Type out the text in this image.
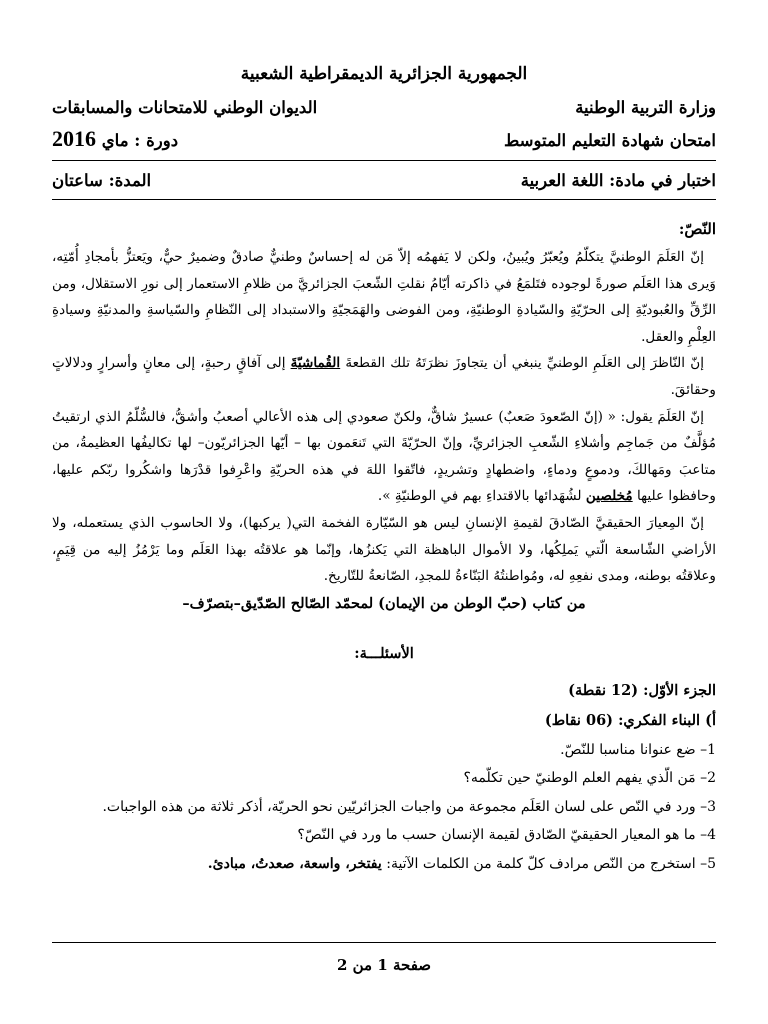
الجمهورية الجزائرية الديمقراطية الشعبية
وزارة التربية الوطنية
الديوان الوطني للامتحانات والمسابقات
امتحان شهادة التعليم المتوسط
دورة : ماي 2016
اختبار في مادة: اللغة العربية
المدة: ساعتان

النّصّ:

إنّ العَلَمَ الوطنيَّ يتكلّمُ ويُعبّرُ ويُبينُ، ولكن لا يَفهمُه إلاّ مَن له إحساسٌ وطنيٌّ صادقٌ وضميرٌ حيٌّ، ويَعتزُّ بأمجادِ أُمّتِه، وَيرى هذا العَلَم صورةً لوجوده فتَلمَعُ في ذاكرته أيّامُ نقلتِ الشّعبَ الجزائريَّ من ظلامِ الاستعمار إلى نورِ الاستقلال، ومن الرِّقِّ والعُبوديّةِ إلى الحرّيّةِ والسّيادةِ الوطنيّةِ، ومن الفوضى والهَمَجيّةِ والاستبداد إلى النّظامِ والسّياسةِ والمدنيّةِ وسيادةِ العِلْمِ والعقل.

إنّ النّاظرَ إلى العَلَمِ الوطنيِّ ينبغي أن يتجاوزَ نظرَتَهُ تلك القطعةَ القُماشيّةَ إلى آفاقٍ رحبةٍ، إلى معانٍ وأسرارٍ ودلالاتٍ وحقائقَ.

إنّ العَلَمَ يقول: « (إنّ الصّعودَ صَعبٌ) عسيرٌ شاقٌّ، ولكنّ صعودي إلى هذه الأعالي أصعبُ وأشقُّ، فالسُّلّمُ الذي ارتقيتُ مُؤلَّفٌ من جَماجِم وأشلاءِ الشّعبِ الجزائريِّ، وإنّ الحرّيّةَ التي تَنعَمون بها – أيّها الجزائريّون– لها تكاليفُها العظيمةُ، من متاعبَ ومَهالكَ، ودموعٍ ودماءٍ، واضطهادٍ وتشريدٍ، فاتّقوا اللهَ في هذه الحريّةِ واعْرِفوا قدْرَها واشكُروا ربّكم عليها، وحافظوا عليها مُخلصين لشُهَدائها بالاقتداءِ بهم في الوطنيّةِ ».

إنّ المِعيارَ الحقيقيَّ الصّادقَ لقيمةِ الإنسانِ ليس هو السّيّارة الفخمة التي( يركبها)، ولا الحاسوب الذي يستعمله، ولا الأراضي الشّاسعة الّتي يَملِكُها، ولا الأموال الباهظة التي يَكنزُها، وإنّما هو علاقتُه بهذا العَلَم وما يَرْمُزُ إليه من قِيَمٍ، وعلاقتُه بوطنه، ومدى نفعِهِ له، ومُواطنتُهُ البَنّاءةُ للمجدِ، الصّانعةُ للتّاريخ.

من كتاب (حبّ الوطن من الإيمان) لمحمّد الصّالح الصّدّيق–بتصرّف–

الأسئلـــة:
الجزء الأوّل: (12 نقطة)
أ) البناء الفكري: (06 نقاط)

1– ضع عنوانا مناسبا للنّصّ.

2– مَن الّذي يفهم العلم الوطنيّ حين تكلّمه؟

3– ورد في النّص على لسان العَلَم مجموعة من واجبات الجزائريّين نحو الحريّة، أذكر ثلاثة من هذه الواجبات.

4– ما هو المعيار الحقيقيّ الصّادق لقيمة الإنسان حسب ما ورد في النّصّ؟

5– استخرج من النّص مرادف كلّ كلمة من الكلمات الآتية: يفتخر، واسعة، صعدتُ، مبادئ.

صفحة 1 من 2
